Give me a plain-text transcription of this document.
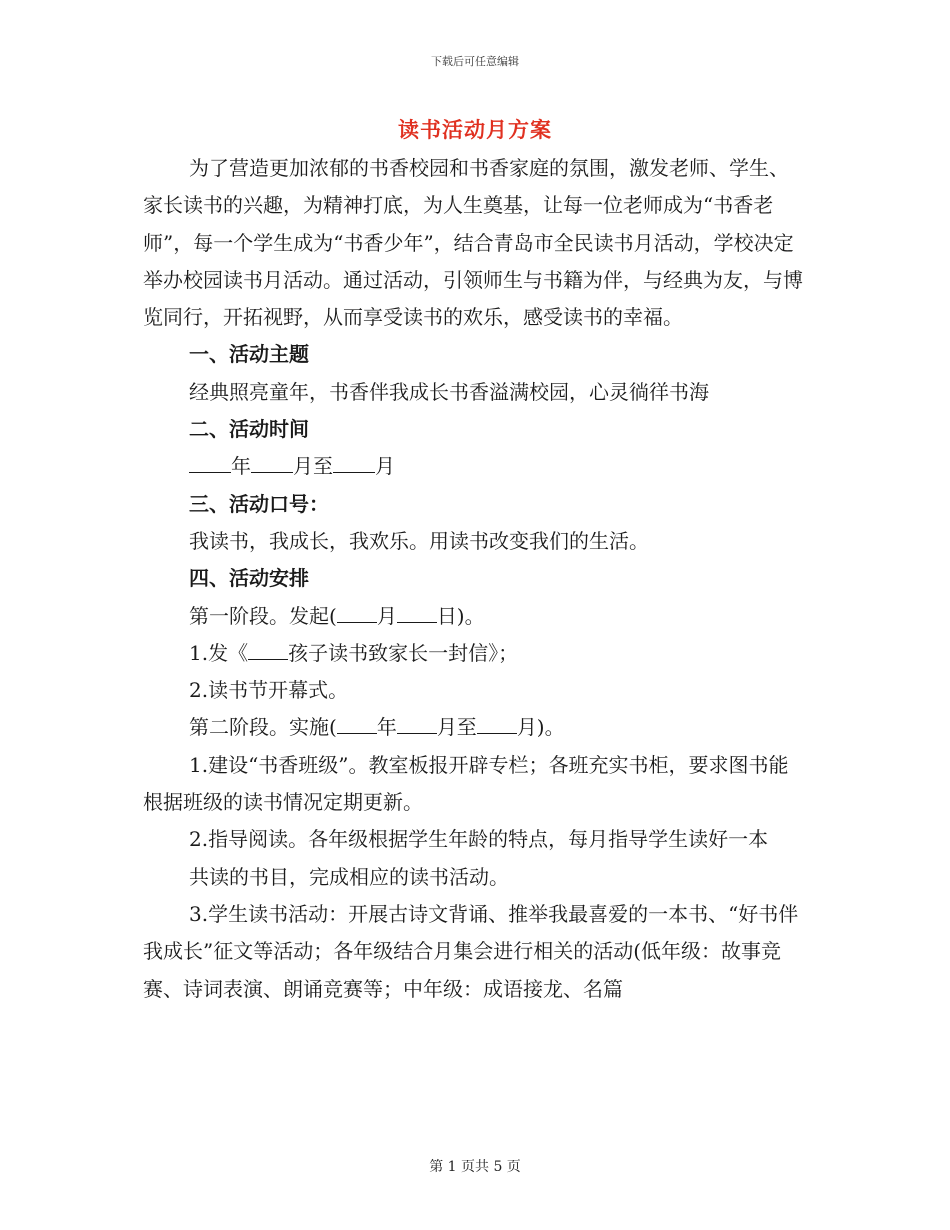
下载后可任意编辑
读书活动月方案

为了营造更加浓郁的书香校园和书香家庭的氛围，激发老师、学生、家长读书的兴趣，为精神打底，为人生奠基，让每一位老师成为“书香老师”，每一个学生成为“书香少年”，结合青岛市全民读书月活动，学校决定举办校园读书月活动。通过活动，引领师生与书籍为伴，与经典为友，与博览同行，开拓视野，从而享受读书的欢乐，感受读书的幸福。

一、活动主题

经典照亮童年，书香伴我成长书香溢满校园，心灵徜徉书海

二、活动时间

年 月至 月

三、活动口号：

我读书，我成长，我欢乐。用读书改变我们的生活。

四、活动安排

第一阶段。发起( 月 日)。

1.发《 孩子读书致家长一封信》；

2.读书节开幕式。

第二阶段。实施( 年 月至 月)。

1.建设“书香班级”。教室板报开辟专栏；各班充实书柜，要求图书能根据班级的读书情况定期更新。

2.指导阅读。各年级根据学生年龄的特点，每月指导学生读好一本

共读的书目，完成相应的读书活动。

3.学生读书活动：开展古诗文背诵、推举我最喜爱的一本书、“好书伴我成长”征文等活动；各年级结合月集会进行相关的活动(低年级：故事竞赛、诗词表演、朗诵竞赛等；中年级：成语接龙、名篇

第 1 页共 5 页
